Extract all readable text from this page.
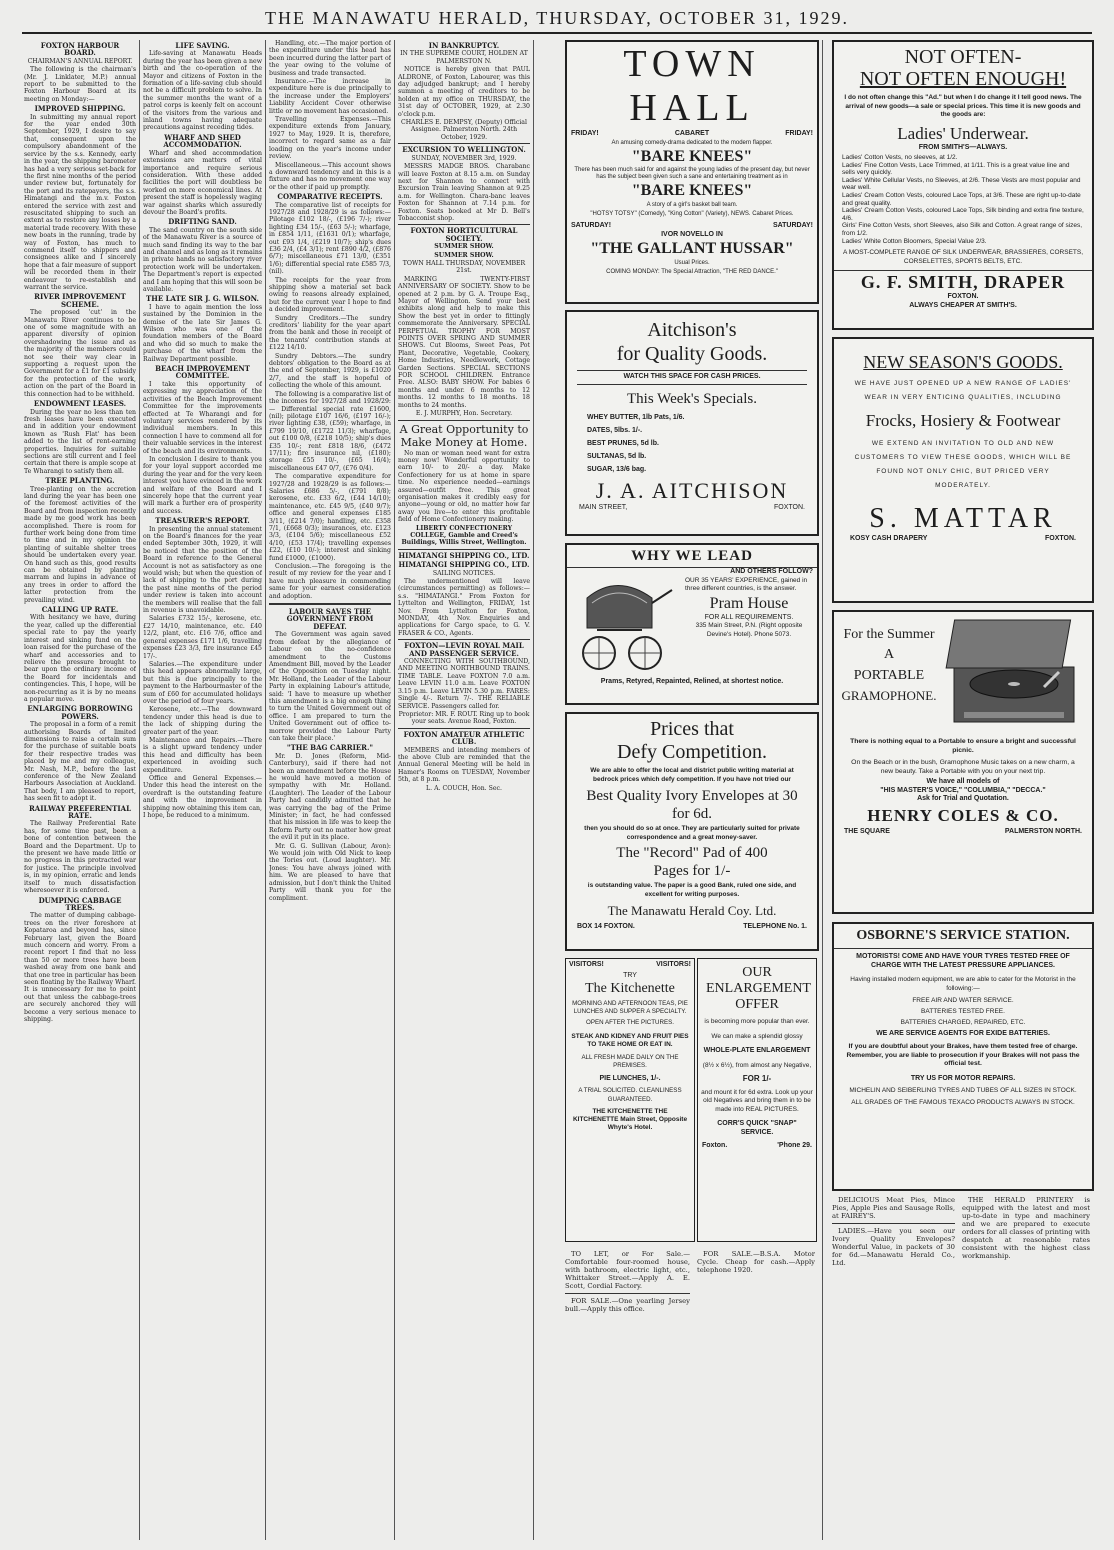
THE MANAWATU HERALD, THURSDAY, OCTOBER 31, 1929.

FOXTON HARBOUR BOARD.

CHAIRMAN'S ANNUAL REPORT.

The following is the chairman's (Mr. J. Linklater, M.P.) annual report to be submitted to the Foxton Harbour Board at its meeting on Monday:—

IMPROVED SHIPPING.

In submitting my annual report for the year ended 30th September, 1929, I desire to say that, consequent upon the compulsory abandonment of the service by the s.s. Kennedy, early in the year, the shipping barometer has had a very serious set-back for the first nine months of the period under review but, fortunately for the port and its ratepayers, the s.s. Himatangi and the m.v. Foxton entered the service with zest and resuscitated shipping to such an extent as to restore any losses by a material trade recovery. With these new boats in the running, trade by way of Foxton, has much to commend itself to shippers and consignees alike and I sincerely hope that a fair measure of support will be recorded them in their endeavour to re-establish and warrant the service.

RIVER IMPROVEMENT SCHEME.

The proposed 'cut' in the Manawatu River continues to be one of some magnitude with an apparent diversity of opinion overshadowing the issue and as the majority of the members could not see their way clear in supporting a request upon the Government for a £1 for £1 subsidy for the protection of the work, action on the part of the Board in this connection had to be withheld.

ENDOWMENT LEASES.

During the year no less than ten fresh leases have been executed and in addition your endowment known as 'Rush Flat' has been added to the list of rent-earning properties. Inquiries for suitable sections are still current and I feel certain that there is ample scope at Te Wharangi to satisfy them all.

TREE PLANTING.

Tree-planting on the accretion land during the year has been one of the foremost activities of the Board and from inspection recently made by me good work has been accomplished. There is room for further work being done from time to time and in my opinion the planting of suitable shelter trees should be undertaken every year. On hand such as this, good results can be obtained by planting marram and lupins in advance of any trees in order to afford the latter protection from the prevailing wind.

CALLING UP RATE.

With hesitancy we have, during the year, called up the differential special rate to pay the yearly interest and sinking fund on the loan raised for the purchase of the wharf and accessories and to relieve the pressure brought to bear upon the ordinary income of the Board for incidentals and contingencies. This, I hope, will be non-recurring as it is by no means a popular move.

ENLARGING BORROWING POWERS.

The proposal in a form of a remit authorising Boards of limited dimensions to raise a certain sum for the purchase of suitable boats for their respective trades was placed by me and my colleague, Mr. Nash, M.P., before the last conference of the New Zealand Harbours Association at Auckland. That body, I am pleased to report, has seen fit to adopt it.

RAILWAY PREFERENTIAL RATE.

The Railway Preferential Rate has, for some time past, been a bone of contention between the Board and the Department. Up to the present we have made little or no progress in this protracted war for justice. The principle involved is, in my opinion, erratic and lends itself to much dissatisfaction wheresoever it is enforced.

DUMPING CABBAGE TREES.

The matter of dumping cabbage-trees on the river foreshore at Kopataroa and beyond has, since February last, given the Board much concern and worry. From a recent report I find that no less than 50 or more trees have been washed away from one bank and that one tree in particular has been seen floating by the Railway Wharf. It is unnecessary for me to point out that unless the cabbage-trees are securely anchored they will become a very serious menace to shipping.

LIFE SAVING.

Life-saving at Manawatu Heads during the year has been given a new birth and the co-operation of the Mayor and citizens of Foxton in the formation of a life-saving club should not be a difficult problem to solve. In the summer months the want of a patrol corps is keenly felt on account of the visitors from the various and inland towns having adequate precautions against receding tides.

WHARF AND SHED ACCOMMODATION.

Wharf and shed accommodation extensions are matters of vital importance and require serious consideration. With these added facilities the port will doubtless be worked on more economical lines. At present the staff is hopelessly waging war against sharks which assuredly devour the Board's profits.

DRIFTING SAND.

The sand country on the south side of the Manawatu River is a source of much sand finding its way to the bar and channel and as long as it remains in private hands no satisfactory river protection work will be undertaken. The Department's report is expected and I am hoping that this will soon be available.

THE LATE SIR J. G. WILSON.

I have to again mention the loss sustained by the Dominion in the demise of the late Sir James G. Wilson who was one of the foundation members of the Board and who did so much to make the purchase of the wharf from the Railway Department possible.

BEACH IMPROVEMENT COMMITTEE.

I take this opportunity of expressing my appreciation of the activities of the Beach Improvement Committee for the improvements effected at Te Wharangi and for voluntary services rendered by its individual members. In this connection I have to commend all for their valuable services in the interest of the beach and its environments.

In conclusion I desire to thank you for your loyal support accorded me during the year and for the very keen interest you have evinced in the work and welfare of the Board and I sincerely hope that the current year will mark a further era of prosperity and success.

TREASURER'S REPORT.

In presenting the annual statement on the Board's finances for the year ended September 30th, 1929, it will be noticed that the position of the Board in reference to the General Account is not as satisfactory as one would wish; but when the question of lack of shipping to the port during the past nine months of the period under review is taken into account the members will realise that the fall in revenue is unavoidable.

Salaries £732 15/-, kerosene, etc. £27 14/10, maintenance, etc. £40 12/2, plant, etc. £16 7/6, office and general expenses £171 1/6, travelling expenses £23 3/3, fire insurance £45 17/-.

Salaries.—The expenditure under this head appears abnormally large, but this is due principally to the payment to the Harbourmaster of the sum of £60 for accumulated holidays over the period of four years.

Kerosene, etc.—The downward tendency under this head is due to the lack of shipping during the greater part of the year.

Maintenance and Repairs.—There is a slight upward tendency under this head and difficulty has been experienced in avoiding such expenditure.

Office and General Expenses.—Under this head the interest on the overdraft is the outstanding feature and with the improvement in shipping now obtaining this item can, I hope, be reduced to a minimum.

Handling, etc.—The major portion of the expenditure under this head has been incurred during the latter part of the year owing to the volume of business and trade transacted.

Insurance.—The increase in expenditure here is due principally to the increase under the Employers' Liability Accident Cover otherwise little or no movement has occasioned.

Travelling Expenses.—This expenditure extends from January, 1927 to May, 1929. It is, therefore, incorrect to regard same as a fair loading on the year's income under review.

Miscellaneous.—This account shows a downward tendency and in this is a fixture and has no movement one way or the other if paid up promptly.

COMPARATIVE RECEIPTS.

The comparative list of receipts for 1927/28 and 1928/29 is as follows:— Pilotage £102 18/-, (£196 7/-); river lighting £34 15/-, (£63 5/-); wharfage, in £854 1/11, (£1631 0/1); wharfage, out £93 1/4, (£219 10/7); ship's dues £36 2/4, (£4 3/1); rent £890 4/2, (£876 6/7); miscellaneous £71 13/0, (£351 1/6); differential special rate £585 7/3, (nil).

The receipts for the year from shipping show a material set back owing to reasons already explained, but for the current year I hope to find a decided improvement.

Sundry Creditors.—The sundry creditors' liability for the year apart from the bank and those in receipt of the tenants' contribution stands at £122 14/10.

Sundry Debtors.—The sundry debtors' obligation to the Board as at the end of September, 1929, is £1020 2/7, and the staff is hopeful of collecting the whole of this amount.

The following is a comparative list of the incomes for 1927/28 and 1928/29:— Differential special rate £1600, (nil); pilotage £107 16/6, (£197 16/-); river lighting £38, (£59); wharfage, in £799 19/10, (£1722 11/3); wharfage, out £100 0/8, (£218 10/5); ship's dues £35 10/-; rent £818 18/6, (£472 17/11); fire insurance nil, (£180); storage £55 10/-, (£65 16/4); miscellaneous £47 0/7, (£76 0/4).

The comparative expenditure for 1927/28 and 1928/29 is as follows:— Salaries £686 5/-, (£791 8/8); kerosene, etc. £33 6/2, (£44 14/10); maintenance, etc. £45 9/5, (£40 9/7); office and general expenses £185 3/11, (£214 7/0); handling, etc. £358 7/1, (£668 0/3); insurances, etc. £123 3/3, (£104 5/6); miscellaneous £52 4/10, (£53 17/4); travelling expenses £22, (£10 10/-); interest and sinking fund £1000, (£1000).

Conclusion.—The foregoing is the result of my review for the year and I have much pleasure in commending same for your earnest consideration and adoption.

LABOUR SAVES THE GOVERNMENT FROM DEFEAT.

The Government was again saved from defeat by the allegiance of Labour on the no-confidence amendment to the Customs Amendment Bill, moved by the Leader of the Opposition on Tuesday night. Mr. Holland, the Leader of the Labour Party in explaining Labour's attitude, said: 'I have to measure up whether this amendment is a big enough thing to turn the United Government out of office. I am prepared to turn the United Government out of office to-morrow provided the Labour Party can take their place.'

"THE BAG CARRIER."

Mr. D. Jones (Reform, Mid-Canterbury), said if there had not been an amendment before the House he would have moved a motion of sympathy with Mr. Holland. (Laughter). The Leader of the Labour Party had candidly admitted that he was carrying the bag of the Prime Minister; in fact, he had confessed that his mission in life was to keep the Reform Party out no matter how great the evil it put in its place.

Mr. G. G. Sullivan (Labour, Avon): We would join with Old Nick to keep the Tories out. (Loud laughter). Mr. Jones: You have always joined with him. We are pleased to have that admission, but I don't think the United Party will thank you for the compliment.

IN BANKRUPTCY.

IN THE SUPREME COURT, HOLDEN AT PALMERSTON N.

NOTICE is hereby given that PAUL ALDRONE, of Foxton, Labourer, was this day adjudged bankrupt; and I hereby summon a meeting of creditors to be holden at my office on THURSDAY, the 31st day of OCTOBER, 1929, at 2.30 o'clock p.m.

CHARLES E. DEMPSY, (Deputy) Official Assignee. Palmerston North. 24th October, 1929.

EXCURSION TO WELLINGTON.

SUNDAY, NOVEMBER 3rd, 1929.

MESSRS MADGE BROS. Charabanc will leave Foxton at 8.15 a.m. on Sunday next for Shannon to connect with Excursion Train leaving Shannon at 9.25 a.m. for Wellington. Chara-banc leaves Foxton for Shannon at 7.14 p.m. for Foxton. Seats booked at Mr D. Bell's Tobacconist shop.

FOXTON HORTICULTURAL SOCIETY.

SUMMER SHOW.

SUMMER SHOW.

TOWN HALL THURSDAY, NOVEMBER 21st.

MARKING TWENTY-FIRST ANNIVERSARY OF SOCIETY. Show to be opened at 2 p.m. by G. A. Troupe Esq., Mayor of Wellington. Send your best exhibits along and help to make this Show the best yet in order to fittingly commemorate the Anniversary. SPECIAL PERPETUAL TROPHY FOR MOST POINTS OVER SPRING AND SUMMER SHOWS. Cut Blooms, Sweet Peas, Pot Plant, Decorative, Vegetable, Cookery, Home Industries, Needlework, Cottage Garden Sections. SPECIAL SECTIONS FOR SCHOOL CHILDREN. Entrance Free. ALSO: BABY SHOW. For babies 6 months and under. 6 months to 12 months. 12 months to 18 months. 18 months to 24 months.

E. J. MURPHY, Hon. Secretary.

A Great Opportunity to Make Money at Home.

No man or woman need want for extra money now! Wonderful opportunity to earn 10/- to 20/- a day. Make Confectionery for us at home in spare time. No experience needed—earnings assured—outfit free. This great organisation makes it credibly easy for anyone—young or old, no matter how far away you live—to enter this profitable field of Home Confectionery making.

LIBERTY CONFECTIONERY COLLEGE, Gamble and Creed's Buildings, Willis Street, Wellington.

HIMATANGI SHIPPING CO., LTD.

HIMATANGI SHIPPING CO., LTD.

SAILING NOTICES.

The undermentioned will leave (circumstances permitting) as follows:— s.s. "HIMATANGI." From Foxton for Lyttelton and Wellington, FRIDAY, 1st Nov. From Lyttelton for Foxton, MONDAY, 4th Nov. Enquiries and applications for Cargo space, to G. V. FRASER & CO., Agents.

FOXTON—LEVIN ROYAL MAIL AND PASSENGER SERVICE.

CONNECTING WITH SOUTHBOUND, AND MEETING NORTHBOUND TRAINS. TIME TABLE. Leave FOXTON 7.0 a.m. Leave LEVIN 11.0 a.m. Leave FOXTON 3.15 p.m. Leave LEVIN 5.30 p.m. FARES: Single 4/-. Return 7/-. THE RELIABLE SERVICE. Passengers called for.

Proprietor: MR. F. ROUT. Ring up to book your seats. Avenue Road, Foxton.

FOXTON AMATEUR ATHLETIC CLUB.

MEMBERS and intending members of the above Club are reminded that the Annual General Meeting will be held in Hamer's Rooms on TUESDAY, November 5th, at 8 p.m.

L. A. COUCH, Hon. Sec.

TOWN HALL
FRIDAY!	CABARET	FRIDAY!
An amusing comedy-drama dedicated to the modern flapper.
"BARE KNEES"
There has been much said for and against the young ladies of the present day, but never has the subject been given such a sane and entertaining treatment as in
"BARE KNEES"
A story of a girl's basket ball team.
"HOTSY TOTSY" (Comedy), "King Cotton" (Variety), NEWS. Cabaret Prices.
SATURDAY!	SATURDAY!
IVOR NOVELLO IN
"THE GALLANT HUSSAR"
Usual Prices.
COMING MONDAY: The Special Attraction, "THE RED DANCE."
Aitchison's
for Quality Goods.
WATCH THIS SPACE FOR CASH PRICES.
This Week's Specials.
WHEY BUTTER, 1lb Pats, 1/6.
DATES, 5lbs. 1/-.
BEST PRUNES, 5d lb.
SULTANAS, 5d lb.
SUGAR, 13/6 bag.
J. A. AITCHISON
MAIN STREET,	FOXTON.
WHY WE LEAD
AND OTHERS FOLLOW?
OUR 35 YEARS' EXPERIENCE, gained in three different countries, is the answer.
Pram House
FOR ALL REQUIREMENTS.
335 Main Street, P.N. (Right opposite Devine's Hotel). Phone 5073.
Prams, Retyred, Repainted, Relined, at shortest notice.
Prices that
Defy Competition.
We are able to offer the local and district public writing material at bedrock prices which defy competition. If you have not tried our
Best Quality Ivory Envelopes at 30 for 6d.
then you should do so at once. They are particularly suited for private correspondence and a great money-saver.
The "Record" Pad of 400 Pages for 1/-
is outstanding value. The paper is a good Bank, ruled one side, and excellent for writing purposes.
The Manawatu Herald Coy. Ltd.
BOX 14 FOXTON.	TELEPHONE No. 1.
VISITORS!	VISITORS!
TRY
The Kitchenette
MORNING AND AFTERNOON TEAS, PIE LUNCHES AND SUPPER A SPECIALTY.
OPEN AFTER THE PICTURES.
STEAK AND KIDNEY AND FRUIT PIES TO TAKE HOME OR EAT IN.
ALL FRESH MADE DAILY ON THE PREMISES.
PIE LUNCHES, 1/-.
A TRIAL SOLICITED. CLEANLINESS GUARANTEED.
THE KITCHENETTE THE KITCHENETTE Main Street, Opposite Whyte's Hotel.
OUR ENLARGEMENT OFFER
is becoming more popular than ever.
We can make a splendid glossy
WHOLE-PLATE ENLARGEMENT
(8½ x 6½), from almost any Negative,
FOR 1/-
and mount it for 6d extra. Look up your old Negatives and bring them in to be made into REAL PICTURES.
CORR'S QUICK "SNAP" SERVICE.
Foxton.	'Phone 29.

TO LET, or For Sale.—Comfortable four-roomed house, with bathroom, electric light, etc., Whittaker Street.—Apply A. E. Scott, Cordial Factory.

FOR SALE.—One yearling Jersey bull.—Apply this office.

FOR SALE.—B.S.A. Motor Cycle. Cheap for cash.—Apply telephone 1920.

NOT OFTEN-
NOT OFTEN ENOUGH!
I do not often change this "Ad." but when I do change it I tell good news. The arrival of new goods—a sale or special prices. This time it is new goods and the goods are:
Ladies' Underwear.
FROM SMITH'S—ALWAYS.
Ladies' Cotton Vests, no sleeves, at 1/2.
Ladies' Fine Cotton Vests, Lace Trimmed, at 1/11. This is a great value line and sells very quickly.
Ladies' White Cellular Vests, no Sleeves, at 2/6. These Vests are most popular and wear well.
Ladies' Cream Cotton Vests, coloured Lace Tops, at 3/6. These are right up-to-date and great quality.
Ladies' Cream Cotton Vests, coloured Lace Tops, Silk binding and extra fine texture, 4/6.
Girls' Fine Cotton Vests, short Sleeves, also Silk and Cotton. A great range of sizes, from 1/2.
Ladies' White Cotton Bloomers, Special Value 2/3.
A MOST-COMPLETE RANGE OF SILK UNDERWEAR, BRASSIERES, CORSETS, CORSELETTES, SPORTS BELTS, ETC.
G. F. SMITH, DRAPER
FOXTON.
ALWAYS CHEAPER AT SMITH'S.
NEW SEASON'S GOODS.
WE HAVE JUST OPENED UP A NEW RANGE OF LADIES' WEAR IN VERY ENTICING QUALITIES, INCLUDING
Frocks, Hosiery & Footwear
WE EXTEND AN INVITATION TO OLD AND NEW CUSTOMERS TO VIEW THESE GOODS, WHICH WILL BE FOUND NOT ONLY CHIC, BUT PRICED VERY MODERATELY.
S. MATTAR
KOSY CASH DRAPERY	FOXTON.
For the Summer
A
PORTABLE
GRAMOPHONE.
There is nothing equal to a Portable to ensure a bright and successful picnic.
On the Beach or in the bush, Gramophone Music takes on a new charm, a new beauty. Take a Portable with you on your next trip.
We have all models of
"HIS MASTER'S VOICE," "COLUMBIA," "DECCA."
Ask for Trial and Quotation.
HENRY COLES & CO.
THE SQUARE	PALMERSTON NORTH.
OSBORNE'S SERVICE STATION.
MOTORISTS! COME AND HAVE YOUR TYRES TESTED FREE OF CHARGE WITH THE LATEST PRESSURE APPLIANCES.
Having installed modern equipment, we are able to cater for the Motorist in the following:—
FREE AIR AND WATER SERVICE.
BATTERIES TESTED FREE.
BATTERIES CHARGED, REPAIRED, ETC.
WE ARE SERVICE AGENTS FOR EXIDE BATTERIES.
If you are doubtful about your Brakes, have them tested free of charge. Remember, you are liable to prosecution if your Brakes will not pass the official test.
TRY US FOR MOTOR REPAIRS.
MICHELIN AND SEIBERLING TYRES AND TUBES OF ALL SIZES IN STOCK.
ALL GRADES OF THE FAMOUS TEXACO PRODUCTS ALWAYS IN STOCK.

DELICIOUS Meat Pies, Mince Pies, Apple Pies and Sausage Rolls, at FAIREY'S.

LADIES.—Have you seen our Ivory Quality Envelopes? Wonderful Value, in packets of 30 for 6d.—Manawatu Herald Co., Ltd.

THE HERALD PRINTERY is equipped with the latest and most up-to-date in type and machinery and we are prepared to execute orders for all classes of printing with despatch at reasonable rates consistent with the highest class workmanship.
